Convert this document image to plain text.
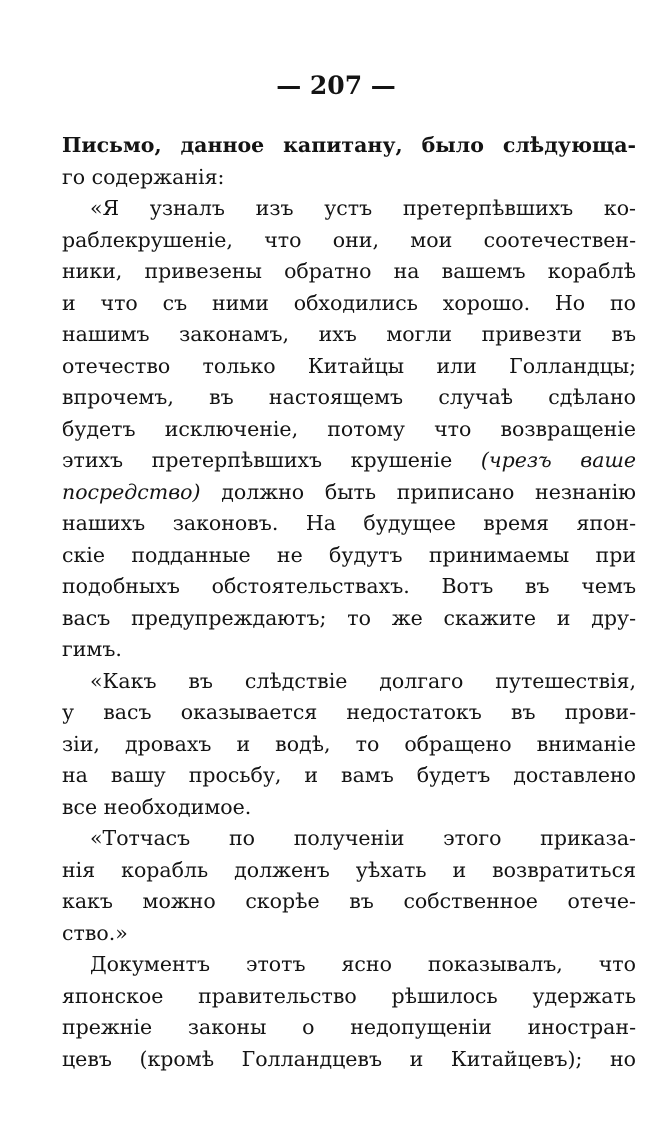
— 207 —
Письмо, данное капитану, было слѣдующа-
го содержанія:
«Я узналъ изъ устъ претерпѣвшихъ ко-
раблекрушеніе, что они, мои соотечествен-
ники, привезены обратно на вашемъ кораблѣ
и что съ ними обходились хорошо. Но по
нашимъ законамъ, ихъ могли привезти въ
отечество только Китайцы или Голландцы;
впрочемъ, въ настоящемъ случаѣ сдѣлано
будетъ исключеніе, потому что возвращеніе
этихъ претерпѣвшихъ крушеніе (чрезъ ваше
посредство) должно быть приписано незнанію
нашихъ законовъ. На будущее время япон-
скіе подданные не будутъ принимаемы при
подобныхъ обстоятельствахъ. Вотъ въ чемъ
васъ предупреждаютъ; то же скажите и дру-
гимъ.
«Какъ въ слѣдствіе долгаго путешествія,
у васъ оказывается недостатокъ въ прови-
зіи, дровахъ и водѣ, то обращено вниманіе
на вашу просьбу, и вамъ будетъ доставлено
все необходимое.
«Тотчасъ по полученіи этого приказа-
нія корабль долженъ уѣхать и возвратиться
какъ можно скорѣе въ собственное отече-
ство.»
Документъ этотъ ясно показывалъ, что
японское правительство рѣшилось удержать
прежніе законы о недопущеніи иностран-
цевъ (кромѣ Голландцевъ и Китайцевъ); но
